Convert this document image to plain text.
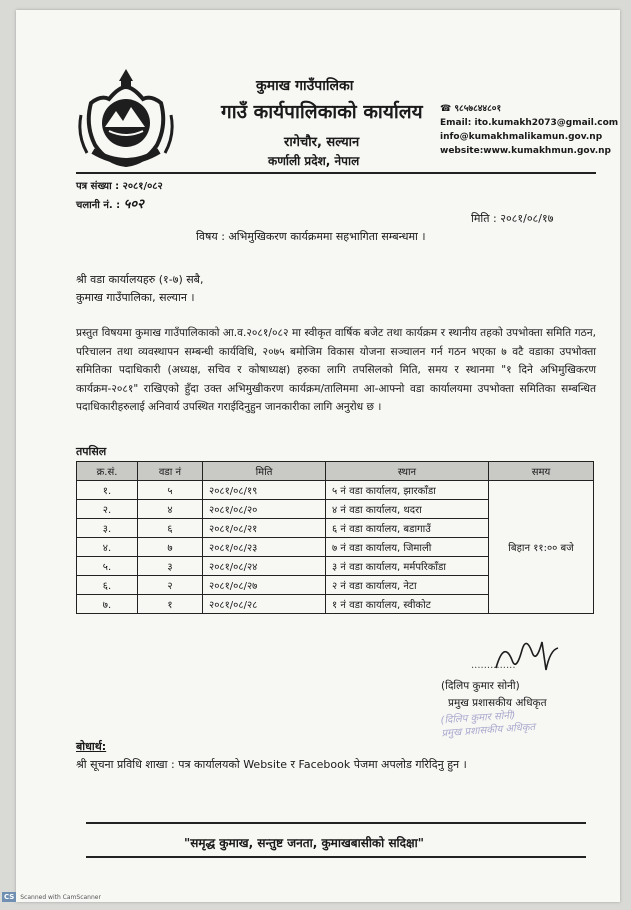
कुमाख गाउँपालिका
गाउँ कार्यपालिकाको कार्यालय
रागेचौर, सल्यान
कर्णाली प्रदेश, नेपाल
☎ ९८५७८४४८०१
Email: ito.kumakh2073@gmail.com
info@kumakhmalikamun.gov.np
website:www.kumakhmun.gov.np
पत्र संख्या : २०८१/०८२
चलानी नं. : ५०२
मिति : २०८१/०८/१७
विषय : अभिमुखिकरण कार्यक्रममा सहभागिता सम्बन्धमा ।
श्री वडा कार्यालयहरु (१-७) सबै,
कुमाख गाउँपालिका, सल्यान ।
प्रस्तुत विषयमा कुमाख गाउँपालिकाको आ.व.२०८१/०८२ मा स्वीकृत वार्षिक बजेट तथा कार्यक्रम र स्थानीय तहको उपभोक्ता समिति गठन, परिचालन तथा व्यवस्थापन सम्बन्धी कार्यविधि, २०७५ बमोजिम विकास योजना सञ्चालन गर्न गठन भएका ७ वटै वडाका उपभोक्ता समितिका पदाधिकारी (अध्यक्ष, सचिव र कोषाध्यक्ष) हरुका लागि तपसिलको मिति, समय र स्थानमा "१ दिने अभिमुखिकरण कार्यक्रम-२०८१" राखिएको हुँदा उक्त अभिमुखीकरण कार्यक्रम/तालिममा आ-आफ्नो वडा कार्यालयमा उपभोक्ता समितिका सम्बन्धित पदाधिकारीहरुलाई अनिवार्य उपस्थित गराईदिनुहुन जानकारीका लागि अनुरोध छ ।
तपसिल
क्र.सं.	वडा नं	मिति	स्थान	समय
१.	५	२०८१/०८/१९	५ नं वडा कार्यालय, झारकाँडा	बिहान ११:०० बजे
२.	४	२०८१/०८/२०	४ नं वडा कार्यालय, थदरा	
३.	६	२०८१/०८/२१	६ नं वडा कार्यालय, बडागाउँ	
४.	७	२०८१/०८/२३	७ नं वडा कार्यालय, जिमाली	
५.	३	२०८१/०८/२४	३ नं वडा कार्यालय, मर्मपरिकाँडा	
६.	२	२०८१/०८/२७	२ नं वडा कार्यालय, नेटा	
७.	१	२०८१/०८/२८	१ नं वडा कार्यालय, स्वीकोट	
..............
(दिलिप कुमार सोनी)
प्रमुख प्रशासकीय अधिकृत
(दिलिप कुमार सोनी)
प्रमुख प्रशासकीय अधिकृत
बोधार्थ:
श्री सूचना प्रविधि शाखा : पत्र कार्यालयको Website र Facebook पेजमा अपलोड गरिदिनु हुन ।
"समृद्ध कुमाख, सन्तुष्ट जनता, कुमाखबासीको सदिक्षा"
CS Scanned with CamScanner
